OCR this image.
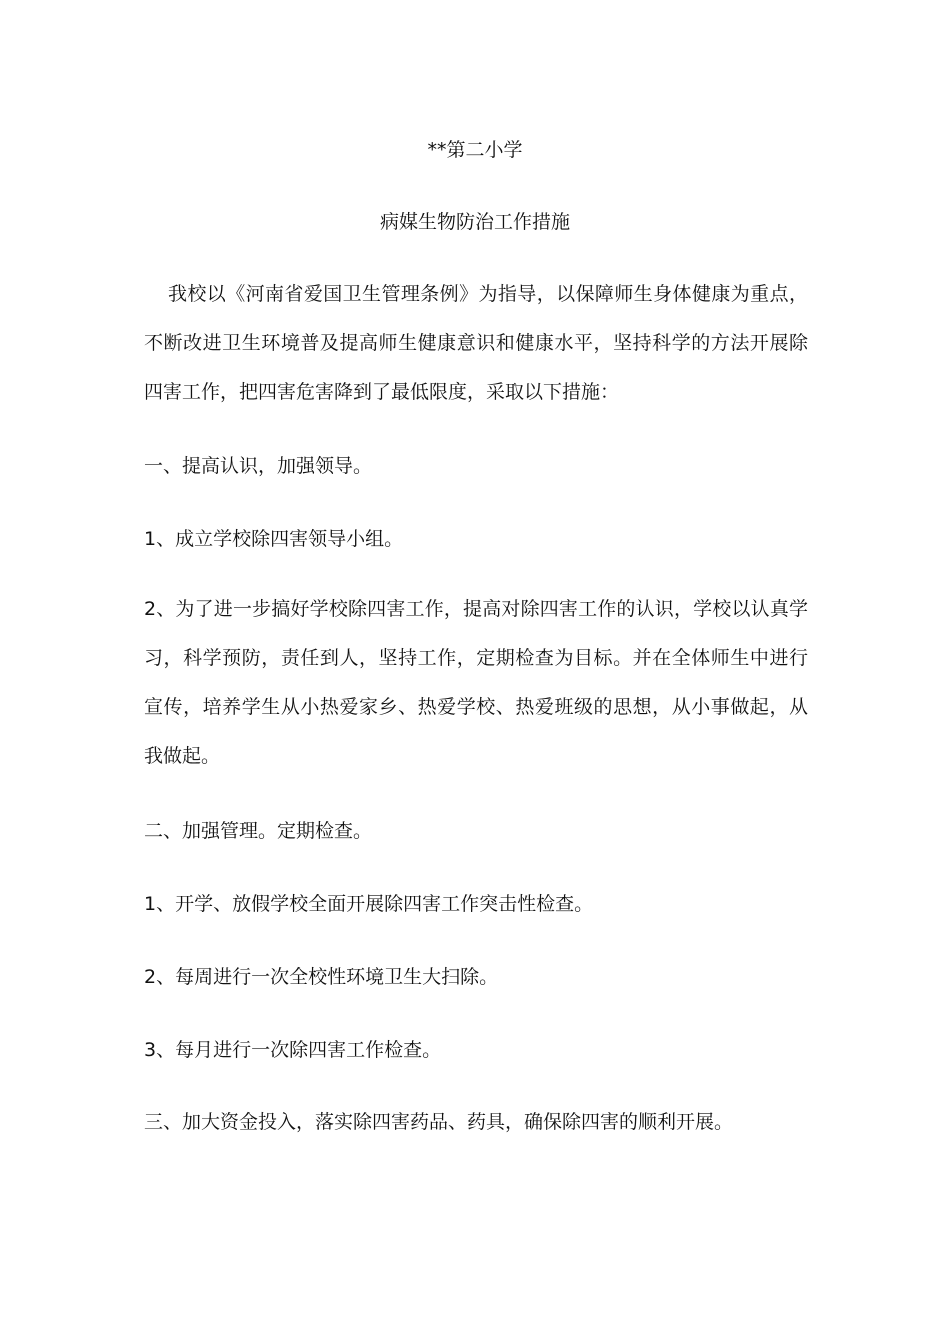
**第二小学
病媒生物防治工作措施

我校以《河南省爱国卫生管理条例》为指导，以保障师生身体健康为重点，不断改进卫生环境普及提高师生健康意识和健康水平，坚持科学的方法开展除四害工作，把四害危害降到了最低限度，采取以下措施：

一、提高认识，加强领导。
1、成立学校除四害领导小组。

2、为了进一步搞好学校除四害工作，提高对除四害工作的认识，学校以认真学习，科学预防，责任到人，坚持工作，定期检查为目标。并在全体师生中进行宣传，培养学生从小热爱家乡、热爱学校、热爱班级的思想，从小事做起，从我做起。

二、加强管理。定期检查。
1、开学、放假学校全面开展除四害工作突击性检查。
2、每周进行一次全校性环境卫生大扫除。
3、每月进行一次除四害工作检查。
三、加大资金投入，落实除四害药品、药具，确保除四害的顺利开展。
